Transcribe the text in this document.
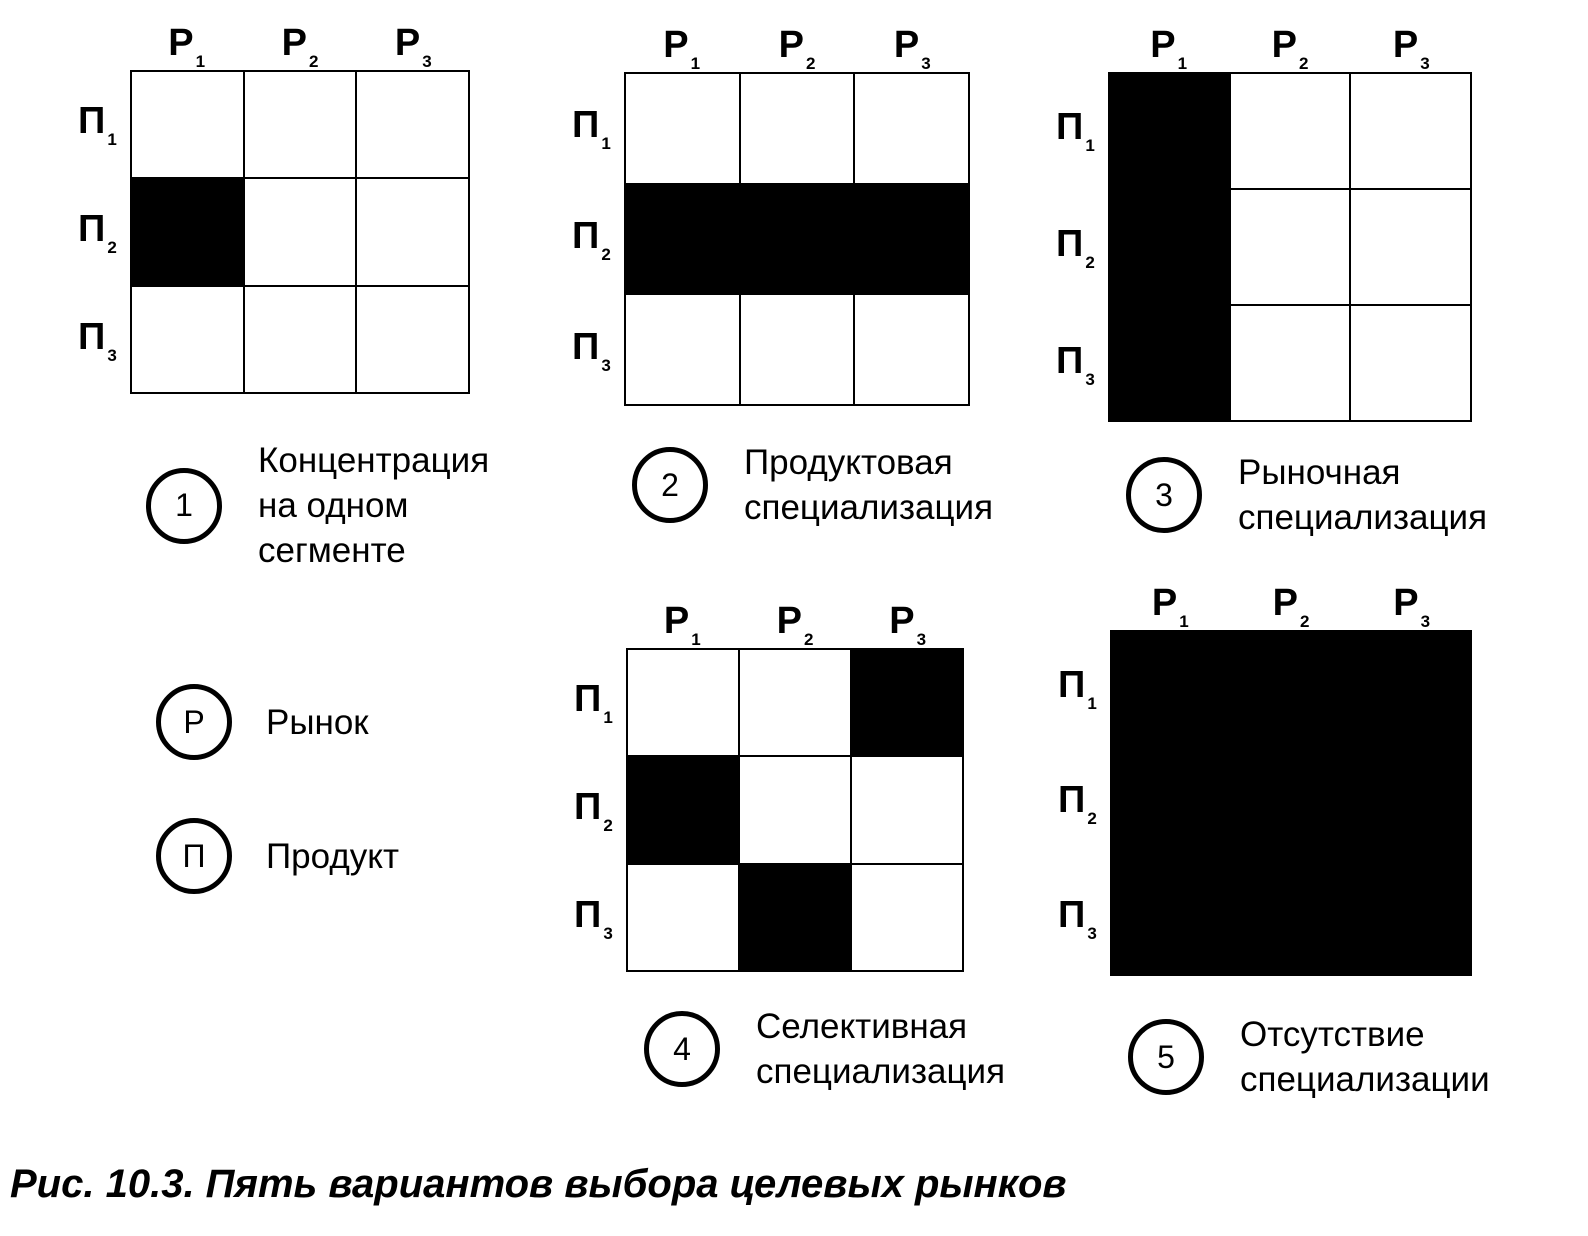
Р $_1$	Р $_2$	Р $_3$
П $_1$
П $_2$
П $_3$
1
Концентрация
на одном
сегменте
Р $_1$	Р $_2$	Р $_3$
П $_1$
П $_2$
П $_3$
2
Продуктовая
специализация
Р $_1$	Р $_2$	Р $_3$
П $_1$
П $_2$
П $_3$
3
Рыночная
специализация
Р $_1$	Р $_2$	Р $_3$
П $_1$
П $_2$
П $_3$
4
Селективная
специализация
Р $_1$	Р $_2$	Р $_3$
П $_1$
П $_2$
П $_3$
5
Отсутствие
специализации
Р Рынок
П Продукт
Рис. 10.3. Пять вариантов выбора целевых рынков
